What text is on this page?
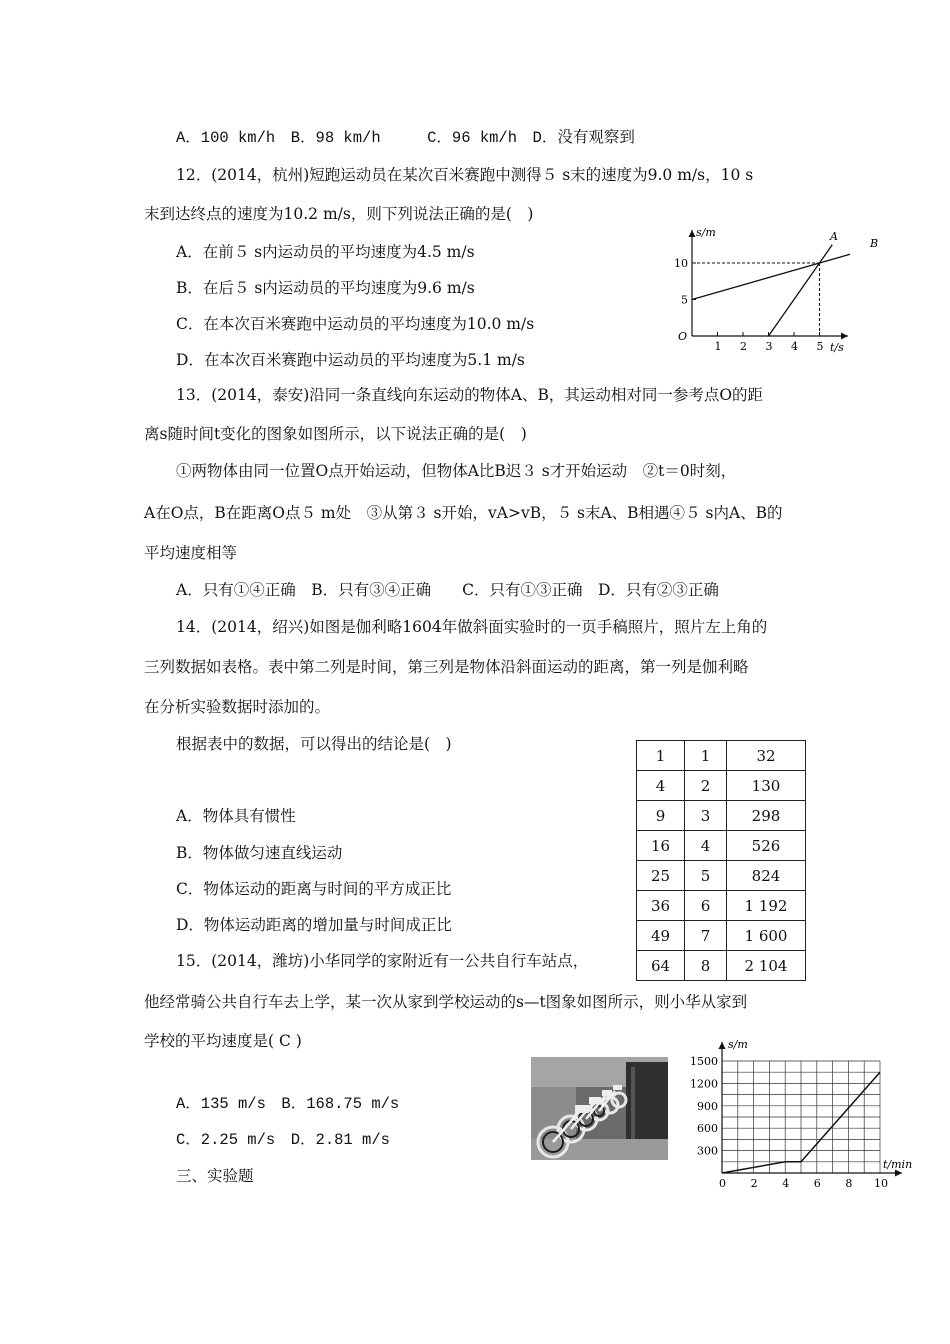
A．100 km/h　B．98 km/h　　　C．96 km/h　D．没有观察到
12．(2014，杭州)短跑运动员在某次百米赛跑中测得５ s末的速度为9.0 m/s，10 s
末到达终点的速度为10.2 m/s，则下列说法正确的是(　)
A．在前５ s内运动员的平均速度为4.5 m/s
B．在后５ s内运动员的平均速度为9.6 m/s
C．在本次百米赛跑中运动员的平均速度为10.0 m/s
D．在本次百米赛跑中运动员的平均速度为5.1 m/s
s/m
t/s
O
1 2 3 4 5
5
10
A
B
13．(2014，泰安)沿同一条直线向东运动的物体A、B，其运动相对同一参考点O的距
离s随时间t变化的图象如图所示，以下说法正确的是(　)
①两物体由同一位置O点开始运动，但物体A比B迟３ s才开始运动　②t＝0时刻，
A在O点，B在距离O点５ m处　③从第３ s开始，vA>vB，５ s末A、B相遇④５ s内A、B的
平均速度相等
A．只有①④正确　B．只有③④正确　　C．只有①③正确　D．只有②③正确
14．(2014，绍兴)如图是伽利略1604年做斜面实验时的一页手稿照片，照片左上角的
三列数据如表格。表中第二列是时间，第三列是物体沿斜面运动的距离，第一列是伽利略
在分析实验数据时添加的。
根据表中的数据，可以得出的结论是(　)
A．物体具有惯性
B．物体做匀速直线运动
C．物体运动的距离与时间的平方成正比
D．物体运动距离的增加量与时间成正比
1	1	32
4	2	130
9	3	298
16	4	526
25	5	824
36	6	1 192
49	7	1 600
64	8	2 104
15．(2014，潍坊)小华同学的家附近有一公共自行车站点，
他经常骑公共自行车去上学，某一次从家到学校运动的s—t图象如图所示，则小华从家到
学校的平均速度是( C )
A．135 m/s　B．168.75 m/s
C．2.25 m/s　D．2.81 m/s
三、实验题
s/m
t/min
0 2 4 6 8 10
300
600
900
1200
1500
